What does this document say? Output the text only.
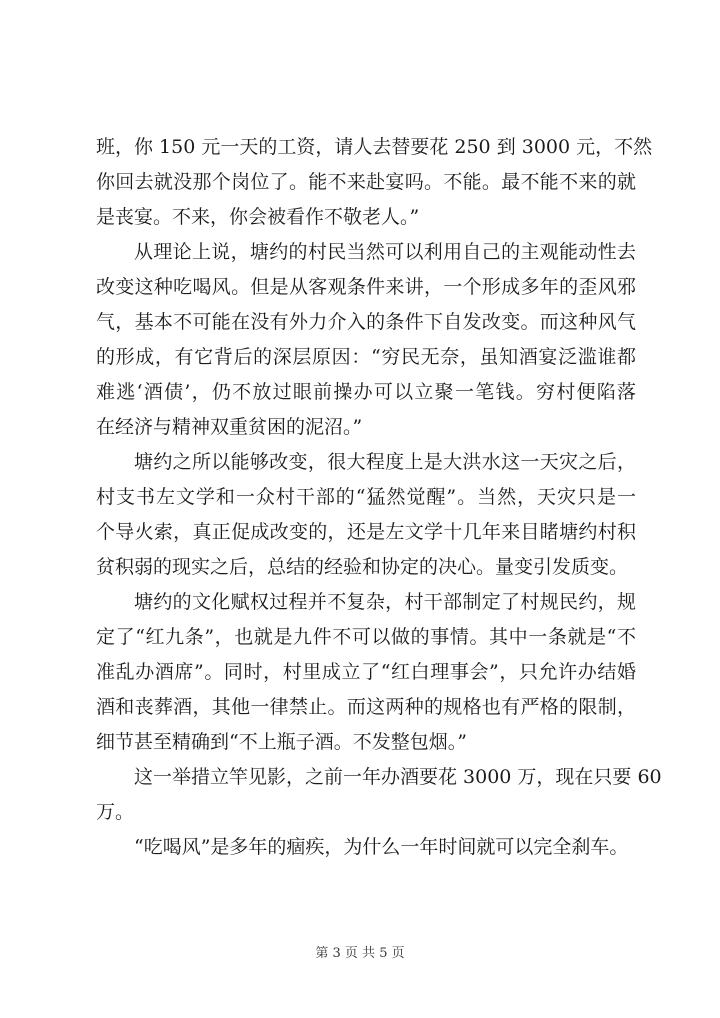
班，你 150 元一天的工资，请人去替要花 250 到 3000 元，不然
你回去就没那个岗位了。能不来赴宴吗。不能。最不能不来的就
是丧宴。不来，你会被看作不敬老人。”
从理论上说，塘约的村民当然可以利用自己的主观能动性去
改变这种吃喝风。但是从客观条件来讲，一个形成多年的歪风邪
气，基本不可能在没有外力介入的条件下自发改变。而这种风气
的形成，有它背后的深层原因：“穷民无奈，虽知酒宴泛滥谁都
难逃‘酒债’，仍不放过眼前操办可以立聚一笔钱。穷村便陷落
在经济与精神双重贫困的泥沼。”
塘约之所以能够改变，很大程度上是大洪水这一天灾之后，
村支书左文学和一众村干部的“猛然觉醒”。当然，天灾只是一
个导火索，真正促成改变的，还是左文学十几年来目睹塘约村积
贫积弱的现实之后，总结的经验和协定的决心。量变引发质变。
塘约的文化赋权过程并不复杂，村干部制定了村规民约，规
定了“红九条”，也就是九件不可以做的事情。其中一条就是“不
准乱办酒席”。同时，村里成立了“红白理事会”，只允许办结婚
酒和丧葬酒，其他一律禁止。而这两种的规格也有严格的限制，
细节甚至精确到“不上瓶子酒。不发整包烟。”
这一举措立竿见影，之前一年办酒要花 3000 万，现在只要 60
万。
“吃喝风”是多年的痼疾，为什么一年时间就可以完全刹车。
第 3 页 共 5 页
